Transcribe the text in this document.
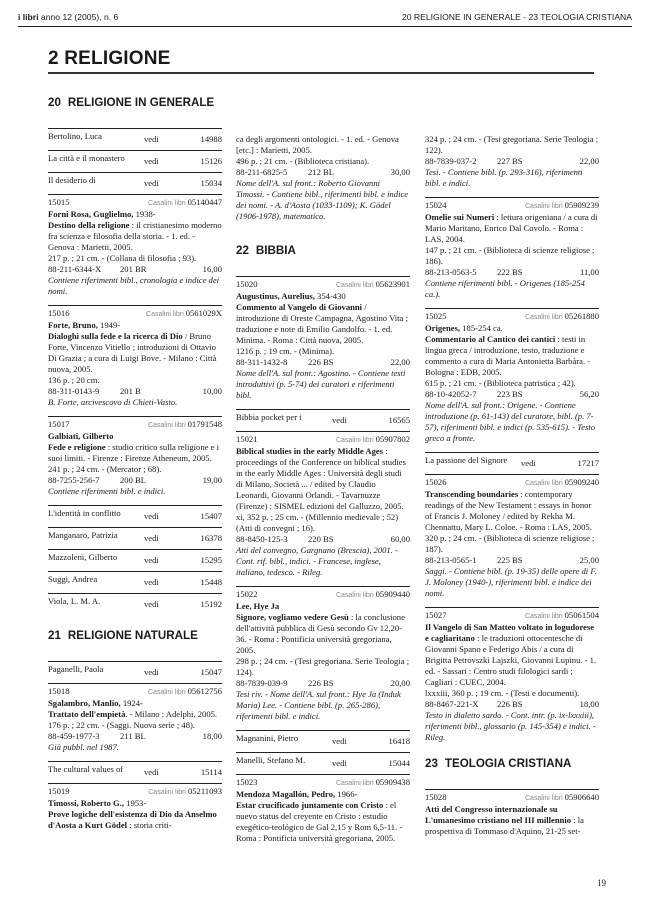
i libri anno 12 (2005), n. 6	20 RELIGIONE IN GENERALE - 23 TEOLOGIA CRISTIANA
2 RELIGIONE
20 RELIGIONE IN GENERALE
Bertolino, Luca	vedi	14988
La città e il monastero vedi	15126
Il desiderio di	vedi	15034
15015	Casalini libri 05140447
Forni Rosa, Guglielmo, 1938-
Destino della religione : il cristianesimo moderno fra scienza e filosofia della storia. - 1. ed. - Genova : Marietti, 2005.
217 p. ; 21 cm. - (Collana di filosofia ; 93).
88-211-6344-X 201 BR	16,00
Contiene riferimenti bibl., cronologia e indice dei nomi.
15016	Casalini libri 0561029X
Forte, Bruno, 1949-
Dialoghi sulla fede e la ricerca di Dio / Bruno Forte, Vincenzo Vitiello ; introduzioni di Ottavio Di Grazia ; a cura di Luigi Bove. - Milano : Città nuova, 2005.
136 p. ; 20 cm.
88-311-0143-9 201 B	10,00
B. Forte, arcivescovo di Chieti-Vasto.
15017	Casalini libri 01791548
Galbiati, Gilberto
Fede e religione : studio critico sulla religione e i suoi limiti. - Firenze : Firenze Atheneum, 2005.
241 p. ; 24 cm. - (Mercator ; 68).
88-7255-256-7 200 BL	19,00
Contiene riferimenti bibl. e indici.
L'identità in conflitto	vedi	15407
Manganaro, Patrizia	vedi	16378
Mazzoleni, Gilberto	vedi	15295
Suggi, Andrea	vedi	15448
Viola, L. M. A.	vedi	15192
21 RELIGIONE NATURALE
Paganelli, Paola	vedi	15047
15018	Casalini libri 05612756
Sgalambro, Manlio, 1924-
Trattato dell'empietà. - Milano : Adelphi, 2005.
176 p. ; 22 cm. - (Saggi. Nuova serie ; 48).
88-459-1977-3 211 BL	18,00
Già pubbl. nel 1987.
The cultural values of vedi	15114
15019	Casalini libri 05211093
Timossi, Roberto G., 1953-
Prove logiche dell'esistenza di Dio da Anselmo d'Aosta a Kurt Gödel : storia criti-
ca degli argomenti ontologici. - 1. ed. - Genova [etc.] : Marietti, 2005.
496 p. ; 21 cm. - (Biblioteca cristiana).
88-211-6825-5 212 BL	30,00
Nome dell'A. sul front.: Roberto Giovanni Timossi. - Contiene bibl., riferimenti bibl. e indice dei nomi. - A. d'Aosta (1033-1109); K. Gödel (1906-1978), matematico.
22 BIBBIA
15020	Casalini libri 05623901
Augustinus, Aurelius, 354-430
Commento al Vangelo di Giovanni / introduzione di Oreste Campagna, Agostino Vita ; traduzione e note di Emilio Gandolfo. - 1. ed. Minima. - Roma : Città nuova, 2005.
1216 p. ; 19 cm. - (Minima).
88-311-1432-8 226 BS	22,00
Nome dell'A. sul front.: Agostino. - Contiene testi introduttivi (p. 5-74) dei curatori e riferimenti bibl.
Bibbia pocket per i	vedi	16565
15021	Casalini libri 05907802
Biblical studies in the early Middle Ages : proceedings of the Conference on biblical studies in the early Middle Ages : Università degli studi di Milano, Società ... / edited by Claudio Leonardi, Giovanni Orlandi. - Tavarnuzze (Firenze) : SISMEL edizioni del Galluzzo, 2005.
xi, 352 p. ; 25 cm. - (Millennio medievale ; 52) (Atti di convegni ; 16).
88-8450-125-3 220 BS	60,00
Atti del convegno, Gargnano (Brescia), 2001. - Cont. rif. bibl., indici. - Francese, inglese, italiano, tedesco. - Rileg.
15022	Casalini libri 05909440
Lee, Hye Ja
Signore, vogliamo vedere Gesù : la conclusione dell'attività pubblica di Gesù secondo Gv 12,20-36. - Roma : Pontificia università gregoriana, 2005.
298 p. ; 24 cm. - (Tesi gregoriana. Serie Teologia ; 124).
88-7839-039-9 226 BS	20,00
Tesi riv. - Nome dell'A. sul front.: Hye Ja (Induk Maria) Lee. - Contiene bibl. (p. 265-286), riferimenti bibl. e indici.
Magnanini, Pietro	vedi	16418
Manelli, Stefano M.	vedi	15044
15023	Casalini libri 05909438
Mendoza Magallón, Pedro, 1966-
Estar crucificado juntamente con Cristo : el nuevo status del creyente en Cristo : estudio exegético-teológico de Gal 2,15 y Rom 6,5-11. - Roma : Pontificia università gregoriana, 2005.
324 p. ; 24 cm. - (Tesi gregoriana. Serie Teologia ; 122).
88-7839-037-2 227 BS	22,00
Tesi. - Contiene bibl. (p. 293-316), riferimenti bibl. e indici.
15024	Casalini libri 05909239
Omelie sui Numeri : lettura origeniana / a cura di Mario Maritano, Enrico Dal Covolo. - Roma : LAS, 2004.
147 p. ; 21 cm. - (Biblioteca di scienze religiose ; 186).
88-213-0563-5 222 BS	11,00
Contiene riferimenti bibl. - Origenes (185-254 ca.).
15025	Casalini libri 05261880
Origenes, 185-254 ca.
Commentario al Cantico dei cantici : testi in lingua greca / introduzione, testo, traduzione e commento a cura di Maria Antonietta Barbàra. - Bologna : EDB, 2005.
615 p. ; 21 cm. - (Biblioteca patristica ; 42).
88-10-42052-7 223 BS	56,20
Nome dell'A. sul front.: Origene. - Contiene introduzione (p. 61-143) del curatore, bibl. (p. 7-57), riferimenti bibl. e indici (p. 535-615). - Testo greco a fronte.
La passione del Signore vedi	17217
15026	Casalini libri 05909240
Transcending boundaries : contemporary readings of the New Testament : essays in honor of Francis J. Moloney / edited by Rekha M. Chennattu, Mary L. Coloe. - Roma : LAS, 2005.
320 p. ; 24 cm. - (Biblioteca di scienze religiose ; 187).
88-213-0565-1 225 BS	25,00
Saggi. - Contiene bibl. (p. 19-35) delle opere di F. J. Moloney (1940-), riferimenti bibl. e indice dei nomi.
15027	Casalini libri 05061504
Il Vangelo di San Matteo voltato in logudorese e cagliaritano : le traduzioni ottocentesche di Giovanni Spano e Federigo Abis / a cura di Brigitta Petrovszki Lajszki, Giovanni Lupinu. - 1. ed. - Sassari : Centro studi filologici sardi ; Cagliari : CUEC, 2004.
lxxxiii, 360 p. ; 19 cm. - (Testi e documenti).
88-8467-221-X 226 BS	18,00
Testo in dialetto sardo. - Cont. intr. (p. ix-lxxxiii), riferimenti bibl., glossario (p. 145-354) e indici. - Rileg.
23 TEOLOGIA CRISTIANA
15028	Casalini libri 05906640
Atti del Congresso internazionale su L'umanesimo cristiano nel III millennio : la prospettiva di Tommaso d'Aquino, 21-25 set-
19
